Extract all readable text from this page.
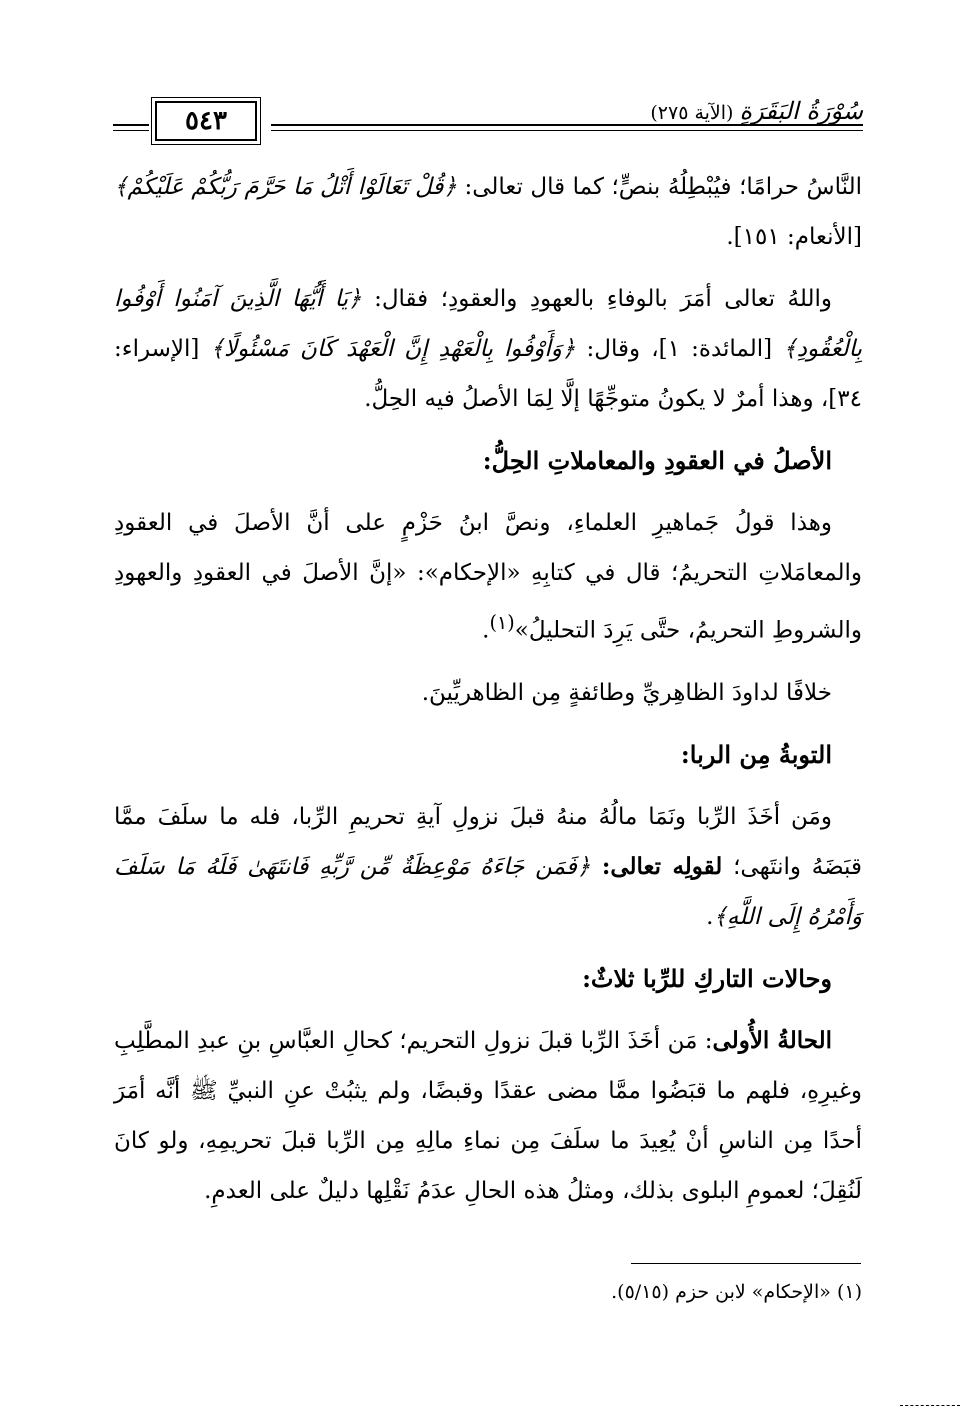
٥٤٣	سُوْرَةُ البَقَرَةِ (الآية ٢٧٥)

النَّاسُ حرامًا؛ فيُبْطِلُهُ بنصٍّ؛ كما قال تعالى: ﴿قُلْ تَعَالَوْا أَتْلُ مَا حَرَّمَ رَبُّكُمْ عَلَيْكُمْ﴾ [الأنعام: ١٥١].

واللهُ تعالى أمَرَ بالوفاءِ بالعهودِ والعقودِ؛ فقال: ﴿يَا أَيُّهَا الَّذِينَ آمَنُوا أَوْفُوا بِالْعُقُودِ﴾ [المائدة: ١]، وقال: ﴿وَأَوْفُوا بِالْعَهْدِ إِنَّ الْعَهْدَ كَانَ مَسْئُولًا﴾ [الإسراء: ٣٤]، وهذا أمرٌ لا يكونُ متوجِّهًا إلَّا لِمَا الأصلُ فيه الحِلُّ.

الأصلُ في العقودِ والمعاملاتِ الحِلُّ:

وهذا قولُ جَماهيرِ العلماءِ، ونصَّ ابنُ حَزْمٍ على أنَّ الأصلَ في العقودِ والمعامَلاتِ التحريمُ؛ قال في كتابِهِ «الإحكام»: «إنَّ الأصلَ في العقودِ والعهودِ والشروطِ التحريمُ، حتَّى يَرِدَ التحليلُ»$^{(١)}$.

خلافًا لداودَ الظاهِريِّ وطائفةٍ مِن الظاهريِّينَ.

التوبةُ مِن الربا:

ومَن أخَذَ الرِّبا ونَمَا مالُهُ منهُ قبلَ نزولِ آيةِ تحريمِ الرِّبا، فله ما سلَفَ ممَّا قبَضَهُ وانتَهى؛ لقولِه تعالى: ﴿فَمَن جَاءَهُ مَوْعِظَةٌ مِّن رَّبِّهِ فَانتَهَىٰ فَلَهُ مَا سَلَفَ وَأَمْرُهُ إِلَى اللَّهِ﴾.

وحالات التاركِ للرِّبا ثلاثٌ:

الحالةُ الأُولى: مَن أخَذَ الرِّبا قبلَ نزولِ التحريم؛ كحالِ العبَّاسِ بنِ عبدِ المطَّلِبِ وغيرِهِ، فلهم ما قبَضُوا ممَّا مضى عقدًا وقبضًا، ولم يثبُتْ عنِ النبيِّ ﷺ أنَّه أمَرَ أحدًا مِن الناسِ أنْ يُعِيدَ ما سلَفَ مِن نماءِ مالِهِ مِن الرِّبا قبلَ تحريمِهِ، ولو كانَ لَنُقِلَ؛ لعمومِ البلوى بذلك، ومثلُ هذه الحالِ عدَمُ نَقْلِها دليلٌ على العدمِ.

(١) «الإحكام» لابن حزم (٥/١٥).
